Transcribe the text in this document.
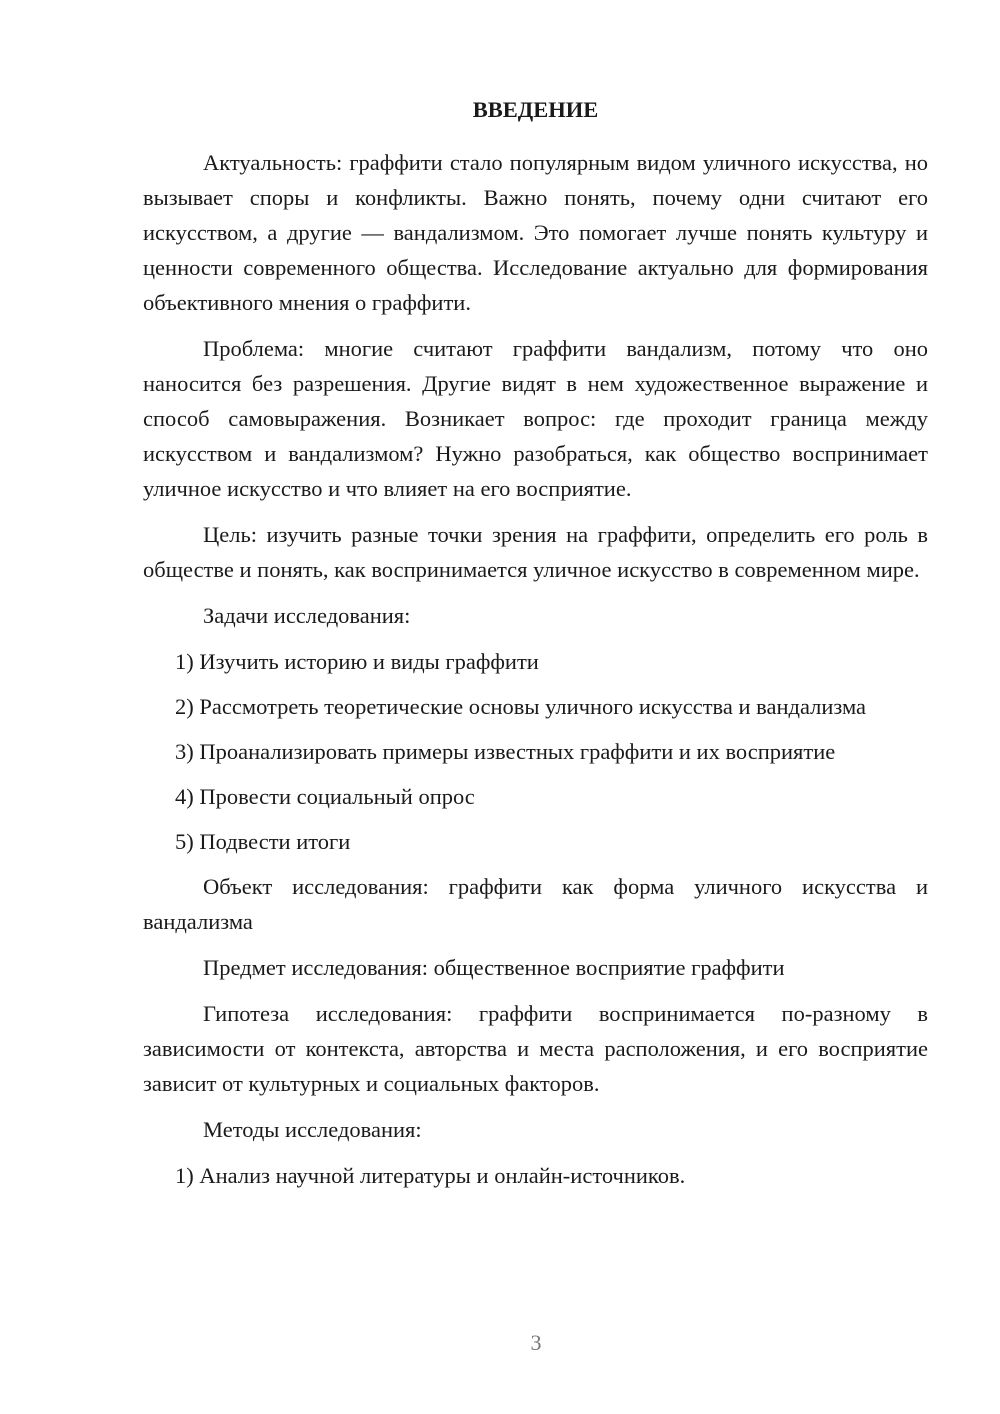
ВВЕДЕНИЕ

Актуальность: граффити стало популярным видом уличного искусства, но вызывает споры и конфликты. Важно понять, почему одни считают его искусством, а другие — вандализмом. Это помогает лучше понять культуру и ценности современного общества. Исследование актуально для формирования объективного мнения о граффити.

Проблема: многие считают граффити вандализм, потому что оно наносится без разрешения. Другие видят в нем художественное выражение и способ самовыражения. Возникает вопрос: где проходит граница между искусством и вандализмом? Нужно разобраться, как общество воспринимает уличное искусство и что влияет на его восприятие.

Цель: изучить разные точки зрения на граффити, определить его роль в обществе и понять, как воспринимается уличное искусство в современном мире.

Задачи исследования:

1) Изучить историю и виды граффити

2) Рассмотреть теоретические основы уличного искусства и вандализма

3) Проанализировать примеры известных граффити и их восприятие

4) Провести социальный опрос

5) Подвести итоги

Объект исследования: граффити как форма уличного искусства и вандализма

Предмет исследования: общественное восприятие граффити

Гипотеза исследования: граффити воспринимается по-разному в зависимости от контекста, авторства и места расположения, и его восприятие зависит от культурных и социальных факторов.

Методы исследования:

1) Анализ научной литературы и онлайн-источников.

3
